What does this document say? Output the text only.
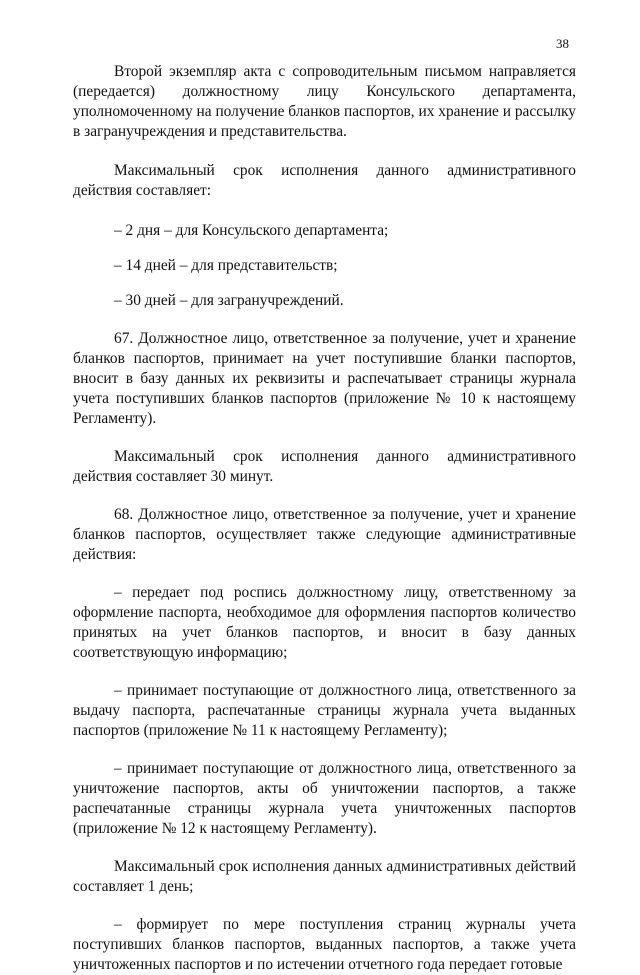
38

Второй экземпляр акта с сопроводительным письмом направляется (передается) должностному лицу Консульского департамента, уполномоченному на получение бланков паспортов, их хранение и рассылку в загранучреждения и представительства.

Максимальный срок исполнения данного административного действия составляет:

– 2 дня – для Консульского департамента;

– 14 дней – для представительств;

– 30 дней – для загранучреждений.

67. Должностное лицо, ответственное за получение, учет и хранение бланков паспортов, принимает на учет поступившие бланки паспортов, вносит в базу данных их реквизиты и распечатывает страницы журнала учета поступивших бланков паспортов (приложение № 10 к настоящему Регламенту).

Максимальный срок исполнения данного административного действия составляет 30 минут.

68. Должностное лицо, ответственное за получение, учет и хранение бланков паспортов, осуществляет также следующие административные действия:

– передает под роспись должностному лицу, ответственному за оформление паспорта, необходимое для оформления паспортов количество принятых на учет бланков паспортов, и вносит в базу данных соответствующую информацию;

– принимает поступающие от должностного лица, ответственного за выдачу паспорта, распечатанные страницы журнала учета выданных паспортов (приложение № 11 к настоящему Регламенту);

– принимает поступающие от должностного лица, ответственного за уничтожение паспортов, акты об уничтожении паспортов, а также распечатанные страницы журнала учета уничтоженных паспортов (приложение № 12 к настоящему Регламенту).

Максимальный срок исполнения данных административных действий составляет 1 день;

– формирует по мере поступления страниц журналы учета поступивших бланков паспортов, выданных паспортов, а также учета уничтоженных паспортов и по истечении отчетного года передает готовые
